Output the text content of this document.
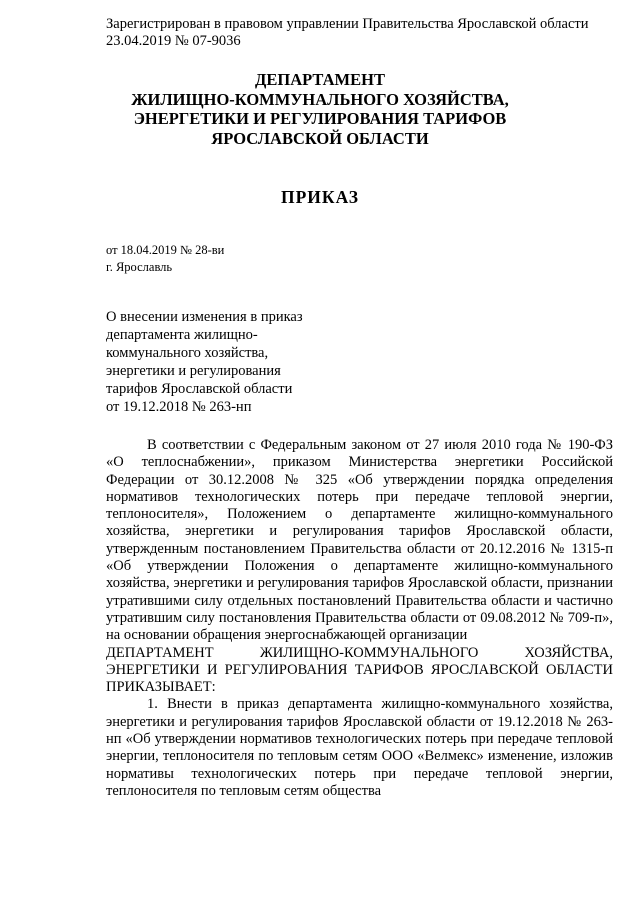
Зарегистрирован в правовом управлении Правительства Ярославской области
23.04.2019 № 07-9036
ДЕПАРТАМЕНТ
ЖИЛИЩНО-КОММУНАЛЬНОГО ХОЗЯЙСТВА,
ЭНЕРГЕТИКИ И РЕГУЛИРОВАНИЯ ТАРИФОВ
ЯРОСЛАВСКОЙ ОБЛАСТИ
ПРИКАЗ
от 18.04.2019 № 28-ви
г. Ярославль
О внесении изменения в приказ
департамента жилищно-
коммунального хозяйства,
энергетики и регулирования
тарифов Ярославской области
от 19.12.2018 № 263-нп

В соответствии с Федеральным законом от 27 июля 2010 года № 190-ФЗ «О теплоснабжении», приказом Министерства энергетики Российской Федерации от 30.12.2008 № 325 «Об утверждении порядка определения нормативов технологических потерь при передаче тепловой энергии, теплоносителя», Положением о департаменте жилищно-коммунального хозяйства, энергетики и регулирования тарифов Ярославской области, утвержденным постановлением Правительства области от 20.12.2016 № 1315-п «Об утверждении Положения о департаменте жилищно-коммунального хозяйства, энергетики и регулирования тарифов Ярославской области, признании утратившими силу отдельных постановлений Правительства области и частично утратившим силу постановления Правительства области от 09.08.2012 № 709-п», на основании обращения энергоснабжающей организации

ДЕПАРТАМЕНТ ЖИЛИЩНО-КОММУНАЛЬНОГО ХОЗЯЙСТВА, ЭНЕРГЕТИКИ И РЕГУЛИРОВАНИЯ ТАРИФОВ ЯРОСЛАВСКОЙ ОБЛАСТИ ПРИКАЗЫВАЕТ:

1. Внести в приказ департамента жилищно-коммунального хозяйства, энергетики и регулирования тарифов Ярославской области от 19.12.2018 № 263-нп «Об утверждении нормативов технологических потерь при передаче тепловой энергии, теплоносителя по тепловым сетям ООО «Велмекс» изменение, изложив нормативы технологических потерь при передаче тепловой энергии, теплоносителя по тепловым сетям общества
